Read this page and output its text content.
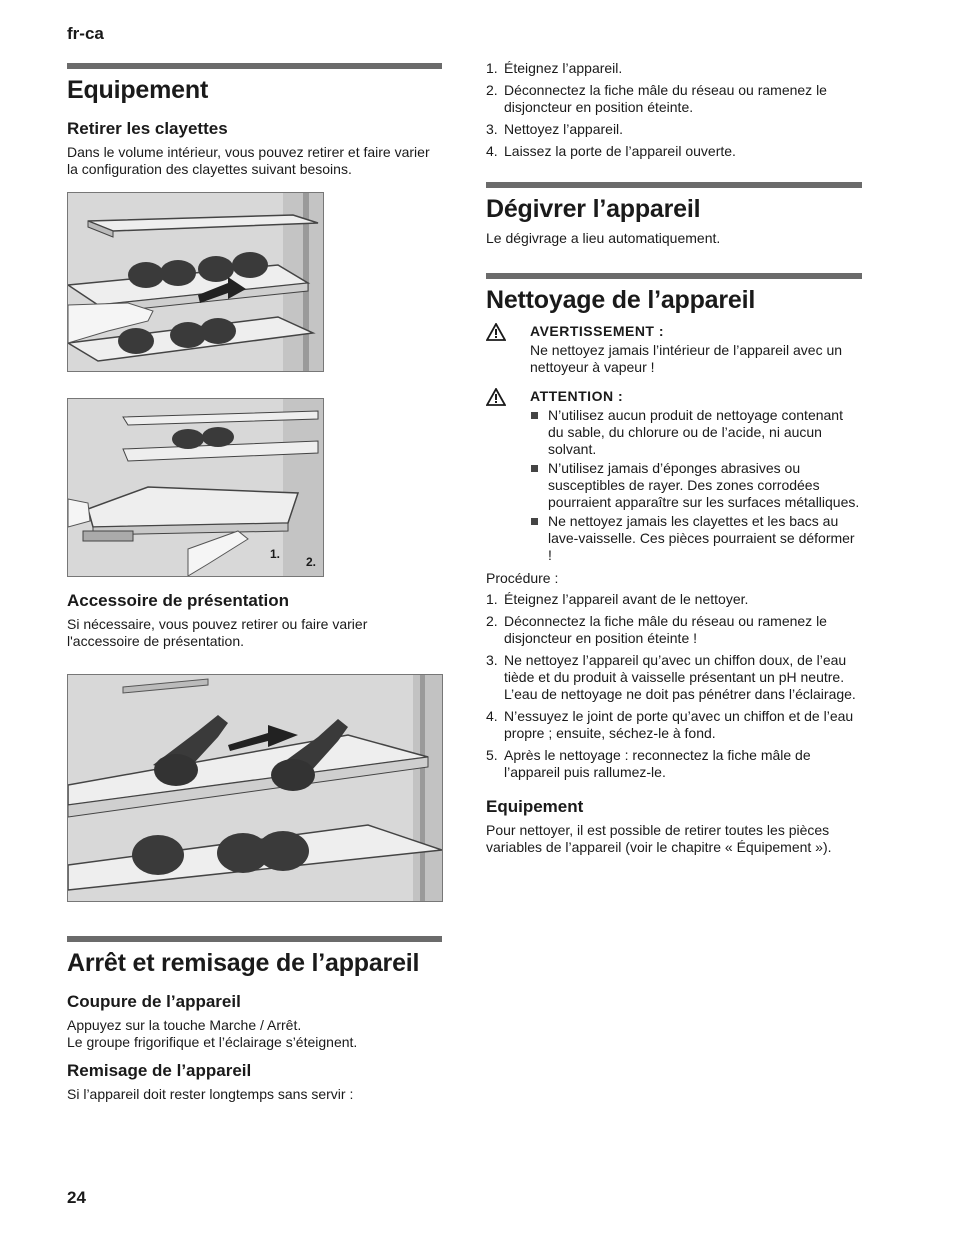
fr-ca
Equipement
Retirer les clayettes

Dans le volume intérieur, vous pouvez retirer et faire varier la configuration des clayettes suivant besoins.

1.
2.
Accessoire de présentation

Si nécessaire, vous pouvez retirer ou faire varier l'accessoire de présentation.

Arrêt et remisage de l’appareil
Coupure de l’appareil

Appuyez sur la touche Marche / Arrêt.
Le groupe frigorifique et l’éclairage s’éteignent.

Remisage de l’appareil

Si l’appareil doit rester longtemps sans servir :

1. Éteignez l’appareil.
2. Déconnectez la fiche mâle du réseau ou ramenez le disjoncteur en position éteinte.
3. Nettoyez l’appareil.
4. Laissez la porte de l’appareil ouverte.
Dégivrer l’appareil

Le dégivrage a lieu automatiquement.

Nettoyage de l’appareil
AVERTISSEMENT :

Ne nettoyez jamais l’intérieur de l’appareil avec un nettoyeur à vapeur !

ATTENTION :
N’utilisez aucun produit de nettoyage contenant du sable, du chlorure ou de l’acide, ni aucun solvant.
N’utilisez jamais d’éponges abrasives ou susceptibles de rayer. Des zones corrodées pourraient apparaître sur les surfaces métalliques.
Ne nettoyez jamais les clayettes et les bacs au lave-vaisselle. Ces pièces pourraient se déformer !

Procédure :

1. Éteignez l’appareil avant de le nettoyer.
2. Déconnectez la fiche mâle du réseau ou ramenez le disjoncteur en position éteinte !
3. Ne nettoyez l’appareil qu’avec un chiffon doux, de l’eau tiède et du produit à vaisselle présentant un pH neutre. L’eau de nettoyage ne doit pas pénétrer dans l’éclairage.
4. N’essuyez le joint de porte qu’avec un chiffon et de l’eau propre ; ensuite, séchez-le à fond.
5. Après le nettoyage : reconnectez la fiche mâle de l’appareil puis rallumez-le.
Equipement

Pour nettoyer, il est possible de retirer toutes les pièces variables de l’appareil (voir le chapitre « Équipement »).

24
